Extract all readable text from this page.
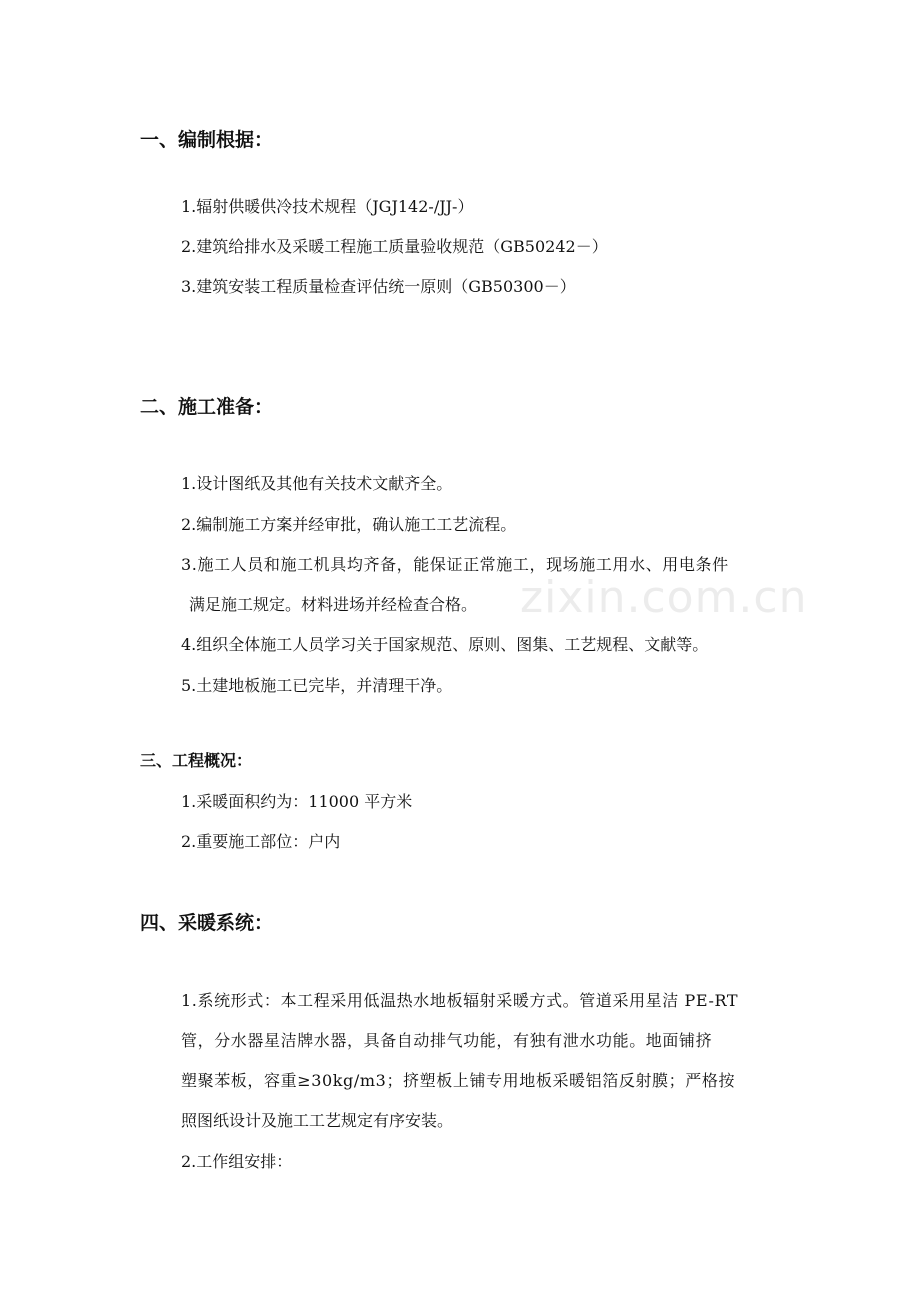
zixin.com.cn
一、编制根据：

1.辐射供暖供冷技术规程（JGJ142-/JJ-）

2.建筑给排水及采暖工程施工质量验收规范（GB50242－）

3.建筑安装工程质量检查评估统一原则（GB50300－）

二、施工准备：

1.设计图纸及其他有关技术文献齐全。

2.编制施工方案并经审批，确认施工工艺流程。

3.施工人员和施工机具均齐备，能保证正常施工，现场施工用水、用电条件

满足施工规定。材料进场并经检查合格。

4.组织全体施工人员学习关于国家规范、原则、图集、工艺规程、文献等。

5.土建地板施工已完毕，并清理干净。

三、工程概况：

1.采暖面积约为：11000 平方米

2.重要施工部位：户内

四、采暖系统：

1.系统形式：本工程采用低温热水地板辐射采暖方式。管道采用星洁 PE-RT

管，分水器星洁牌水器，具备自动排气功能，有独有泄水功能。地面铺挤

塑聚苯板，容重≥30kg/m3；挤塑板上铺专用地板采暖铝箔反射膜；严格按

照图纸设计及施工工艺规定有序安装。

2.工作组安排：
